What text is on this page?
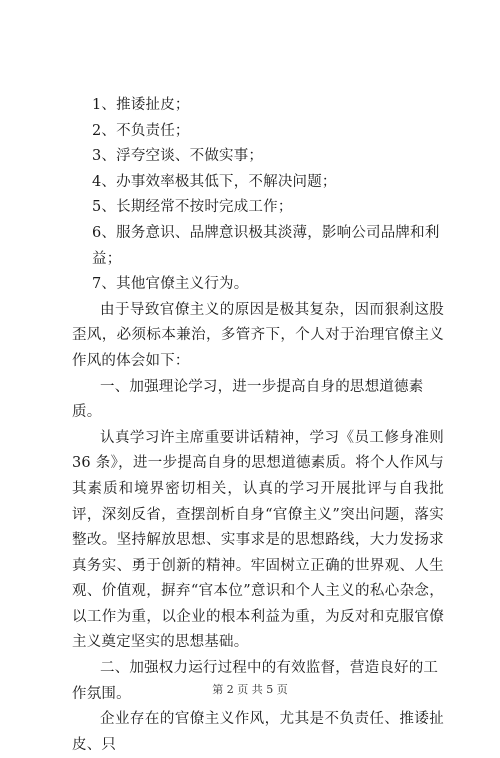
1、推诿扯皮；

2、不负责任；

3、浮夸空谈、不做实事；

4、办事效率极其低下，不解决问题；

5、长期经常不按时完成工作；

6、服务意识、品牌意识极其淡薄，影响公司品牌和利益；

7、其他官僚主义行为。

由于导致官僚主义的原因是极其复杂，因而狠刹这股歪风，必须标本兼治，多管齐下，个人对于治理官僚主义作风的体会如下：

一、加强理论学习，进一步提高自身的思想道德素质。

认真学习许主席重要讲话精神，学习《员工修身准则 36 条》，进一步提高自身的思想道德素质。将个人作风与其素质和境界密切相关，认真的学习开展批评与自我批评，深刻反省，查摆剖析自身“官僚主义”突出问题，落实整改。坚持解放思想、实事求是的思想路线，大力发扬求真务实、勇于创新的精神。牢固树立正确的世界观、人生观、价值观，摒弃“官本位”意识和个人主义的私心杂念，以工作为重，以企业的根本利益为重，为反对和克服官僚主义奠定坚实的思想基础。

二、加强权力运行过程中的有效监督，营造良好的工作氛围。

企业存在的官僚主义作风，尤其是不负责任、推诿扯皮、只

第 2 页 共 5 页
